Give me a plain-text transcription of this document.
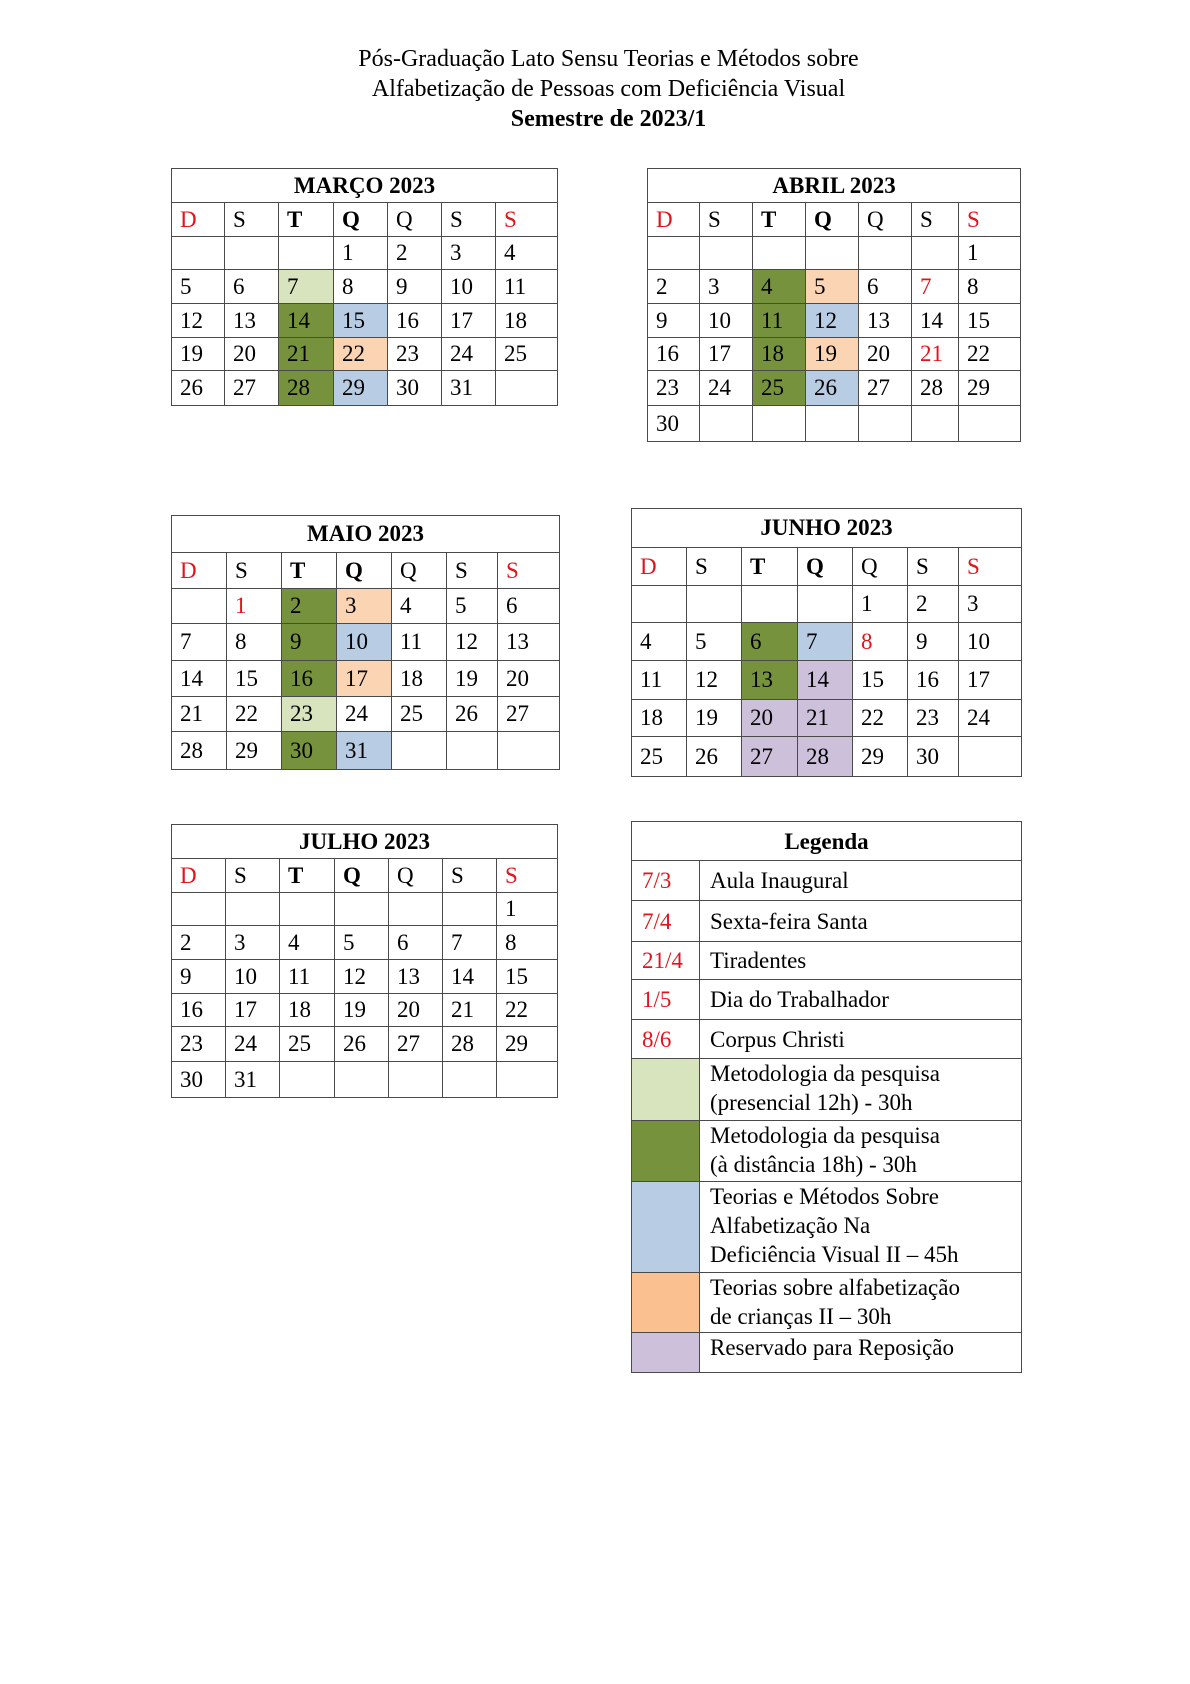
Pós-Graduação Lato Sensu Teorias e Métodos sobre
Alfabetização de Pessoas com Deficiência Visual
Semestre de 2023/1
MARÇO 2023						
D	S	T	Q	Q	S	S
			1	2	3	4
5	6	7	8	9	10	11
12	13	14	15	16	17	18
19	20	21	22	23	24	25
26	27	28	29	30	31	
ABRIL 2023						
D	S	T	Q	Q	S	S
						1
2	3	4	5	6	7	8
9	10	11	12	13	14	15
16	17	18	19	20	21	22
23	24	25	26	27	28	29
30						
MAIO 2023						
D	S	T	Q	Q	S	S
	1	2	3	4	5	6
7	8	9	10	11	12	13
14	15	16	17	18	19	20
21	22	23	24	25	26	27
28	29	30	31			
JUNHO 2023						
D	S	T	Q	Q	S	S
				1	2	3
4	5	6	7	8	9	10
11	12	13	14	15	16	17
18	19	20	21	22	23	24
25	26	27	28	29	30	
JULHO 2023						
D	S	T	Q	Q	S	S
						1
2	3	4	5	6	7	8
9	10	11	12	13	14	15
16	17	18	19	20	21	22
23	24	25	26	27	28	29
30	31					
Legenda	
7/3	Aula Inaugural
7/4	Sexta-feira Santa
21/4	Tiradentes
1/5	Dia do Trabalhador
8/6	Corpus Christi

	Metodologia da pesquisa
(presencial 12h) - 30h

	Metodologia da pesquisa
(à distância 18h) - 30h

	Teorias e Métodos Sobre
Alfabetização Na
Deficiência Visual II – 45h

	Teorias sobre alfabetização
de crianças II – 30h

	Reservado para Reposição
